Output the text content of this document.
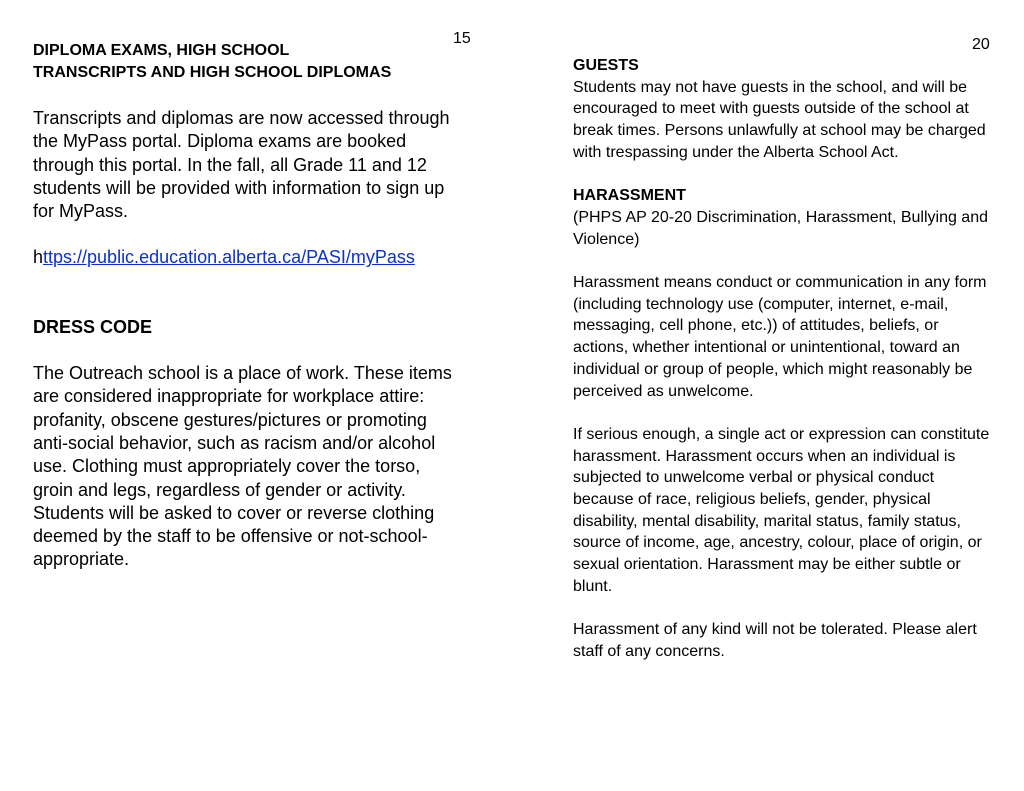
15

DIPLOMA EXAMS, HIGH SCHOOL
TRANSCRIPTS AND HIGH SCHOOL DIPLOMAS

Transcripts and diplomas are now accessed through the MyPass portal. Diploma exams are booked through this portal. In the fall, all Grade 11 and 12 students will be provided with information to sign up for MyPass.

https://public.education.alberta.ca/PASI/myPass

DRESS CODE

The Outreach school is a place of work. These items are considered inappropriate for workplace attire: profanity, obscene gestures/pictures or promoting anti-social behavior, such as racism and/or alcohol use. Clothing must appropriately cover the torso, groin and legs, regardless of gender or activity. Students will be asked to cover or reverse clothing deemed by the staff to be offensive or not-school-appropriate.

20

GUESTS

Students may not have guests in the school, and will be encouraged to meet with guests outside of the school at break times. Persons unlawfully at school may be charged with trespassing under the Alberta School Act.

HARASSMENT

(PHPS AP 20-20 Discrimination, Harassment, Bullying and Violence)

Harassment means conduct or communication in any form (including technology use (computer, internet, e-mail, messaging, cell phone, etc.)) of attitudes, beliefs, or actions, whether intentional or unintentional, toward an individual or group of people, which might reasonably be perceived as unwelcome.

If serious enough, a single act or expression can constitute harassment. Harassment occurs when an individual is subjected to unwelcome verbal or physical conduct because of race, religious beliefs, gender, physical disability, mental disability, marital status, family status, source of income, age, ancestry, colour, place of origin, or sexual orientation. Harassment may be either subtle or blunt.

Harassment of any kind will not be tolerated. Please alert staff of any concerns.
